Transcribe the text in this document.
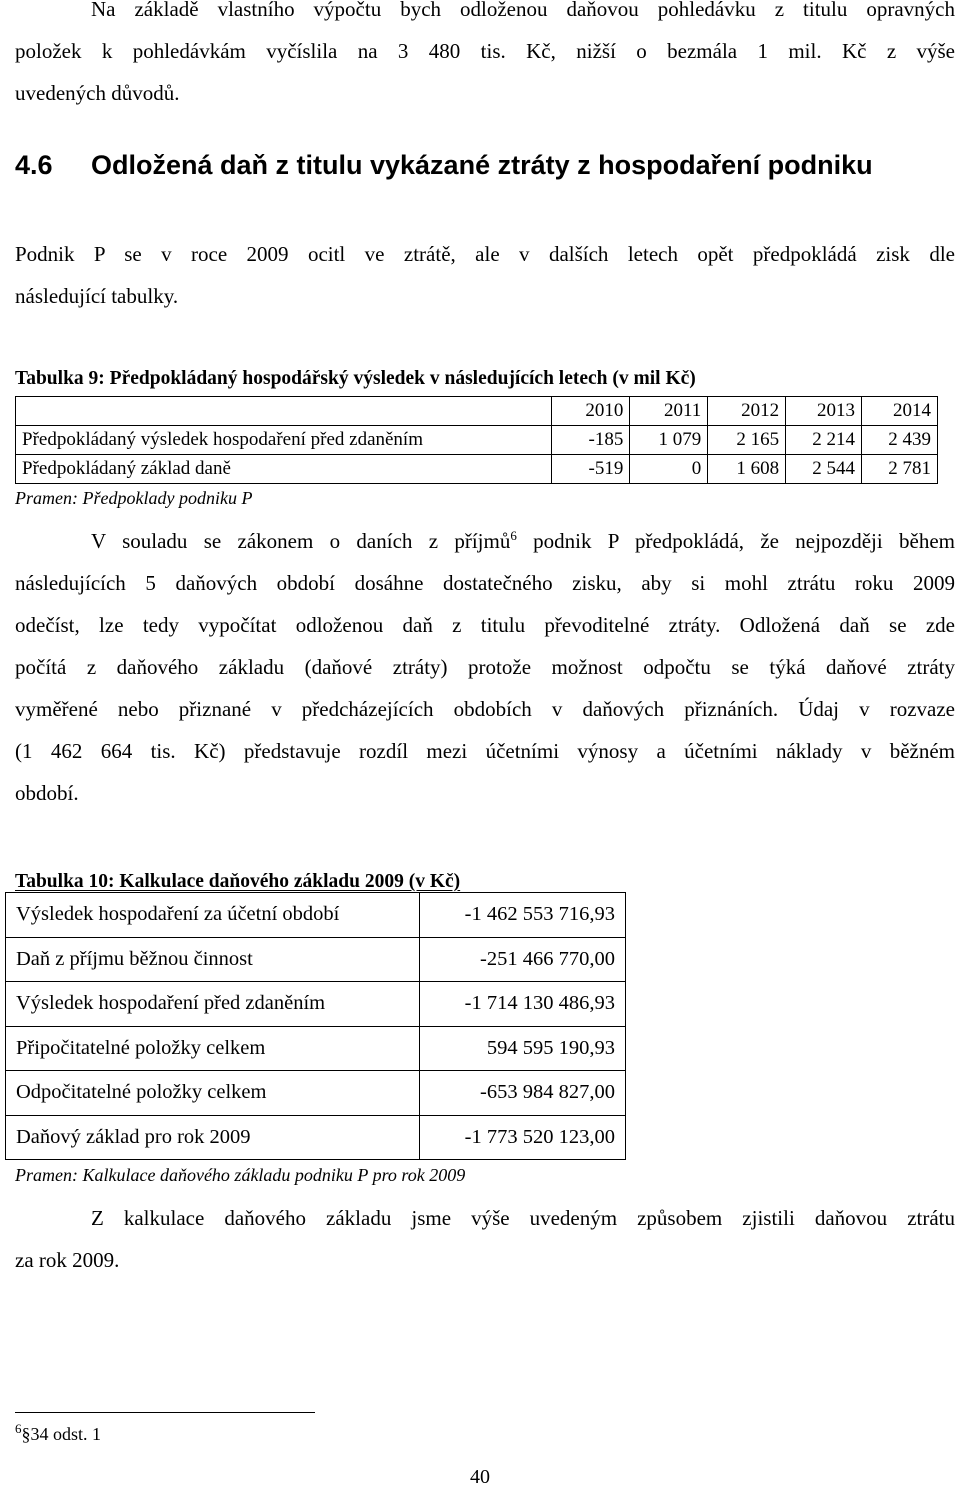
Na základě vlastního výpočtu bych odloženou daňovou pohledávku z titulu opravných
položek k pohledávkám vyčíslila na 3 480 tis. Kč, nižší o bezmála 1 mil. Kč z výše
uvedených důvodů.
4.6 Odložená daň z titulu vykázané ztráty z hospodaření podniku
Podnik P se v roce 2009 ocitl ve ztrátě, ale v dalších letech opět předpokládá zisk dle
následující tabulky.
Tabulka 9: Předpokládaný hospodářský výsledek v následujících letech (v mil Kč)
	2010	2011	2012	2013	2014
Předpokládaný výsledek hospodaření před zdaněním	-185	1 079	2 165	2 214	2 439
Předpokládaný základ daně	-519	0	1 608	2 544	2 781
Pramen: Předpoklady podniku P
V souladu se zákonem o daních z příjmů$^6$ podnik P předpokládá, že nejpozději během
následujících 5 daňových období dosáhne dostatečného zisku, aby si mohl ztrátu roku 2009
odečíst, lze tedy vypočítat odloženou daň z titulu převoditelné ztráty. Odložená daň se zde
počítá z daňového základu (daňové ztráty) protože možnost odpočtu se týká daňové ztráty
vyměřené nebo přiznané v předcházejících obdobích v daňových přiznáních. Údaj v rozvaze
(1 462 664 tis. Kč) představuje rozdíl mezi účetními výnosy a účetními náklady v běžném
období.
Tabulka 10: Kalkulace daňového základu 2009 (v Kč)
Výsledek hospodaření za účetní období	-1 462 553 716,93
Daň z příjmu běžnou činnost	-251 466 770,00
Výsledek hospodaření před zdaněním	-1 714 130 486,93
Připočitatelné položky celkem	594 595 190,93
Odpočitatelné položky celkem	-653 984 827,00
Daňový základ pro rok 2009	-1 773 520 123,00
Pramen: Kalkulace daňového základu podniku P pro rok 2009
Z kalkulace daňového základu jsme výše uvedeným způsobem zjistili daňovou ztrátu
za rok 2009.
$^6$§34 odst. 1
40
